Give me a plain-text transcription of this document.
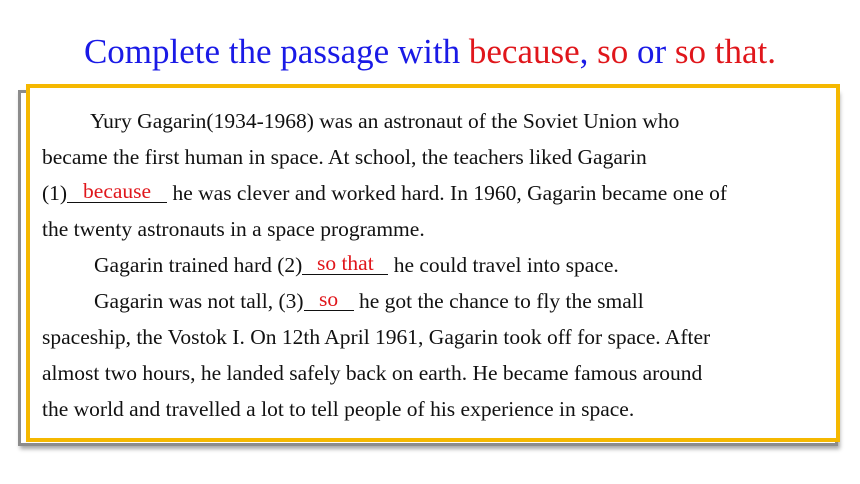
Complete the passage with because, so or so that.
Yury Gagarin(1934-1968) was an astronaut of the Soviet Union who
became the first human in space. At school, the teachers liked Gagarin
(1) because he was clever and worked hard. In 1960, Gagarin became one of
the twenty astronauts in a space programme.
Gagarin trained hard (2) so that he could travel into space.
Gagarin was not tall, (3) so he got the chance to fly the small
spaceship, the Vostok I. On 12th April 1961, Gagarin took off for space. After
almost two hours, he landed safely back on earth. He became famous around
the world and travelled a lot to tell people of his experience in space.
